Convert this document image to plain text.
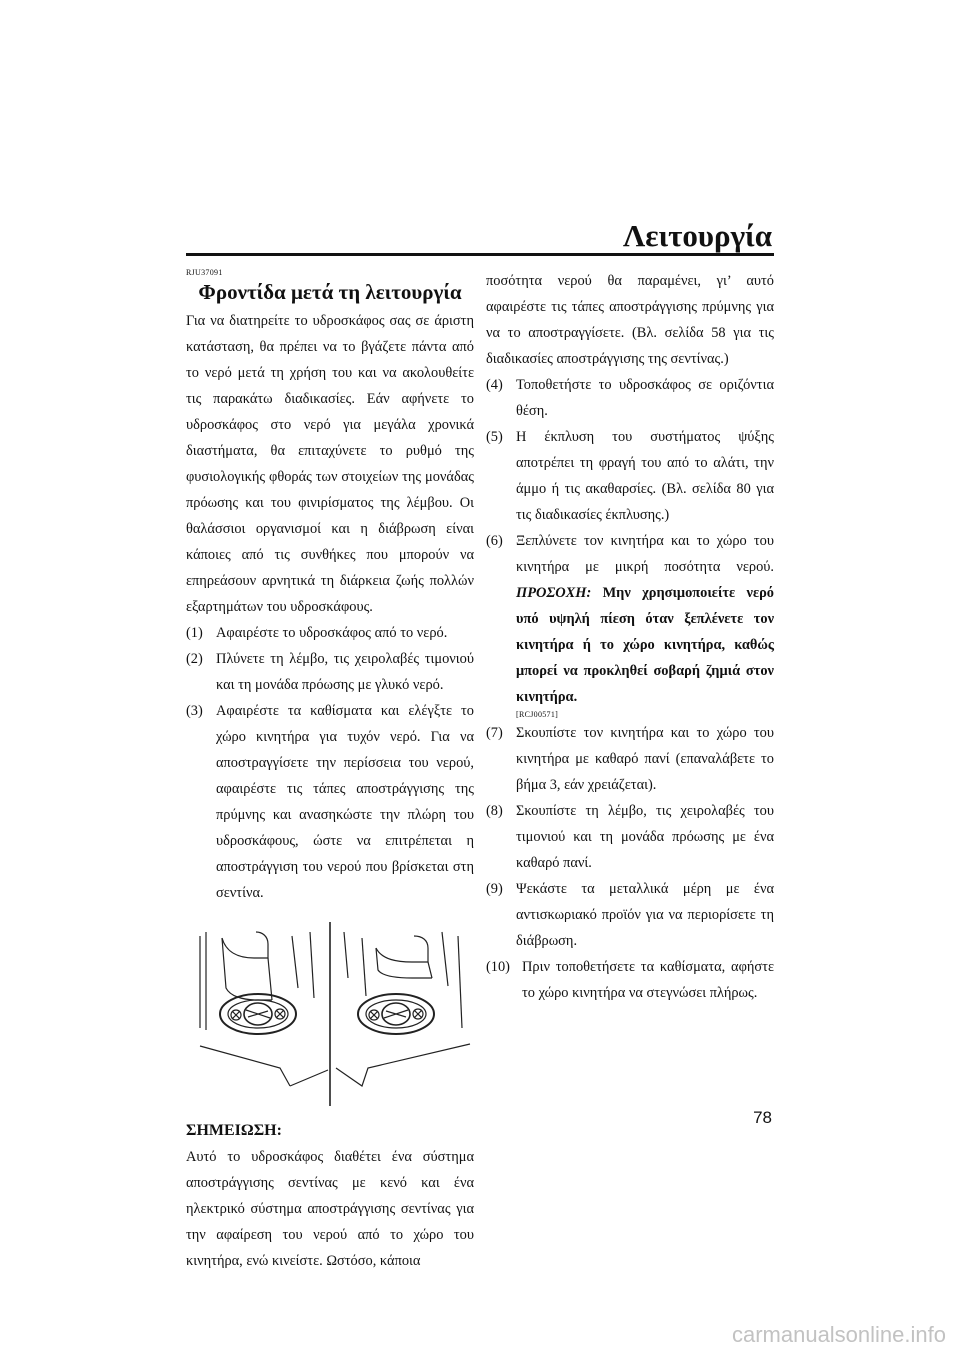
Λειτουργία
RJU37091
Φροντίδα μετά τη λειτουργία

Για να διατηρείτε το υδροσκάφος σας σε άριστη κατάσταση, θα πρέπει να το βγάζετε πάντα από το νερό μετά τη χρήση του και να ακολουθείτε τις παρακάτω διαδικασίες. Εάν αφήνετε το υδροσκάφος στο νερό για μεγάλα χρονικά διαστήματα, θα επιταχύνετε το ρυθμό της φυσιολογικής φθοράς των στοιχείων της μονάδας πρόωσης και του φινιρίσματος της λέμβου. Οι θαλάσσιοι οργανισμοί και η διάβρωση είναι κάποιες από τις συνθήκες που μπορούν να επηρεάσουν αρνητικά τη διάρκεια ζωής πολλών εξαρτημάτων του υδροσκάφους.

(1) Αφαιρέστε το υδροσκάφος από το νερό.
(2) Πλύνετε τη λέμβο, τις χειρολαβές τιμονιού και τη μονάδα πρόωσης με γλυκό νερό.
(3) Αφαιρέστε τα καθίσματα και ελέγξτε το χώρο κινητήρα για τυχόν νερό. Για να αποστραγγίσετε την περίσσεια του νερού, αφαιρέστε τις τάπες αποστράγγισης της πρύμνης και ανασηκώστε την πλώρη του υδροσκάφους, ώστε να επιτρέπεται η αποστράγγιση του νερού που βρίσκεται στη σεντίνα.
ΣΗΜΕΙΩΣΗ:

Αυτό το υδροσκάφος διαθέτει ένα σύστημα αποστράγγισης σεντίνας με κενό και ένα ηλεκτρικό σύστημα αποστράγγισης σεντίνας για την αφαίρεση του νερού από το χώρο του κινητήρα, ενώ κινείστε. Ωστόσο, κάποια

ποσότητα νερού θα παραμένει, γι’ αυτό αφαιρέστε τις τάπες αποστράγγισης πρύμνης για να το αποστραγγίσετε. (Βλ. σελίδα 58 για τις διαδικασίες αποστράγγισης της σεντίνας.)

(4) Τοποθετήστε το υδροσκάφος σε οριζόντια θέση.
(5) Η έκπλυση του συστήματος ψύξης αποτρέπει τη φραγή του από το αλάτι, την άμμο ή τις ακαθαρσίες. (Βλ. σελίδα 80 για τις διαδικασίες έκπλυσης.)
(6) Ξεπλύνετε τον κινητήρα και το χώρο του κινητήρα με μικρή ποσότητα νερού. ΠΡΟΣΟΧΗ: Μην χρησιμοποιείτε νερό υπό υψηλή πίεση όταν ξεπλένετε τον κινητήρα ή το χώρο κινητήρα, καθώς μπορεί να προκληθεί σοβαρή ζημιά στον κινητήρα.
[RCJ00571]
(7) Σκουπίστε τον κινητήρα και το χώρο του κινητήρα με καθαρό πανί (επαναλάβετε το βήμα 3, εάν χρειάζεται).
(8) Σκουπίστε τη λέμβο, τις χειρολαβές του τιμονιού και τη μονάδα πρόωσης με ένα καθαρό πανί.
(9) Ψεκάστε τα μεταλλικά μέρη με ένα αντισκωριακό προϊόν για να περιορίσετε τη διάβρωση.
(10) Πριν τοποθετήσετε τα καθίσματα, αφήστε το χώρο κινητήρα να στεγνώσει πλήρως.
78
carmanualsonline.info
